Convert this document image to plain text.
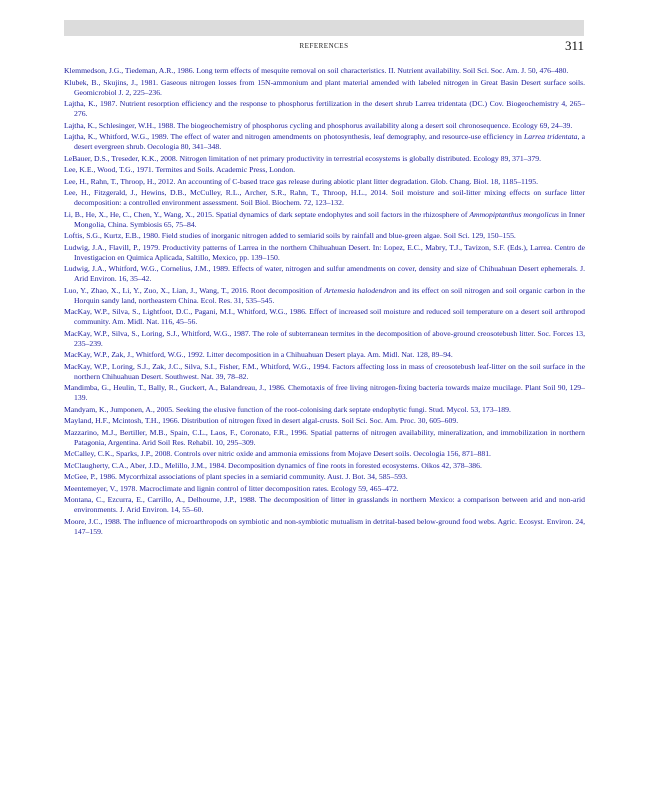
REFERENCES	311

Klemmedson, J.G., Tiedeman, A.R., 1986. Long term effects of mesquite removal on soil characteristics. II. Nutrient availability. Soil Sci. Soc. Am. J. 50, 476–480.

Klubek, B., Skujins, J., 1981. Gaseous nitrogen losses from 15N-ammonium and plant material amended with labeled nitrogen in Great Basin Desert surface soils. Geomicrobiol J. 2, 225–236.

Lajtha, K., 1987. Nutrient resorption efficiency and the response to phosphorus fertilization in the desert shrub Larrea tridentata (DC.) Cov. Biogeochemistry 4, 265–276.

Lajtha, K., Schlesinger, W.H., 1988. The biogeochemistry of phosphorus cycling and phosphorus availability along a desert soil chronosequence. Ecology 69, 24–39.

Lajtha, K., Whitford, W.G., 1989. The effect of water and nitrogen amendments on photosynthesis, leaf demography, and resource-use efficiency in Larrea tridentata, a desert evergreen shrub. Oecologia 80, 341–348.

LeBauer, D.S., Treseder, K.K., 2008. Nitrogen limitation of net primary productivity in terrestrial ecosystems is globally distributed. Ecology 89, 371–379.

Lee, K.E., Wood, T.G., 1971. Termites and Soils. Academic Press, London.

Lee, H., Rahn, T., Throop, H., 2012. An accounting of C-based trace gas release during abiotic plant litter degradation. Glob. Chang. Biol. 18, 1185–1195.

Lee, H., Fitzgerald, J., Hewins, D.B., McCulley, R.L., Archer, S.R., Rahn, T., Throop, H.L., 2014. Soil moisture and soil-litter mixing effects on surface litter decomposition: a controlled environment assessment. Soil Biol. Biochem. 72, 123–132.

Li, B., He, X., He, C., Chen, Y., Wang, X., 2015. Spatial dynamics of dark septate endophytes and soil factors in the rhizosphere of Ammopiptanthus mongolicus in Inner Mongolia, China. Symbiosis 65, 75–84.

Loftis, S.G., Kurtz, E.B., 1980. Field studies of inorganic nitrogen added to semiarid soils by rainfall and blue-green algae. Soil Sci. 129, 150–155.

Ludwig, J.A., Flavill, P., 1979. Productivity patterns of Larrea in the northern Chihuahuan Desert. In: Lopez, E.C., Mabry, T.J., Tavizon, S.F. (Eds.), Larrea. Centro de Investigacion en Quimica Aplicada, Saltillo, Mexico, pp. 139–150.

Ludwig, J.A., Whitford, W.G., Cornelius, J.M., 1989. Effects of water, nitrogen and sulfur amendments on cover, density and size of Chihuahuan Desert ephemerals. J. Arid Environ. 16, 35–42.

Luo, Y., Zhao, X., Li, Y., Zuo, X., Lian, J., Wang, T., 2016. Root decomposition of Artemesia halodendron and its effect on soil nitrogen and soil organic carbon in the Horquin sandy land, northeastern China. Ecol. Res. 31, 535–545.

MacKay, W.P., Silva, S., Lightfoot, D.C., Pagani, M.I., Whitford, W.G., 1986. Effect of increased soil moisture and reduced soil temperature on a desert soil arthropod community. Am. Midl. Nat. 116, 45–56.

MacKay, W.P., Silva, S., Loring, S.J., Whitford, W.G., 1987. The role of subterranean termites in the decomposition of above-ground creosotebush litter. Soc. Forces 13, 235–239.

MacKay, W.P., Zak, J., Whitford, W.G., 1992. Litter decomposition in a Chihuahuan Desert playa. Am. Midl. Nat. 128, 89–94.

MacKay, W.P., Loring, S.J., Zak, J.C., Silva, S.I., Fisher, F.M., Whitford, W.G., 1994. Factors affecting loss in mass of creosotebush leaf-litter on the soil surface in the northern Chihuahuan Desert. Southwest. Nat. 39, 78–82.

Mandimba, G., Heulin, T., Bally, R., Guckert, A., Balandreau, J., 1986. Chemotaxis of free living nitrogen-fixing bacteria towards maize mucilage. Plant Soil 90, 129–139.

Mandyam, K., Jumponen, A., 2005. Seeking the elusive function of the root-colonising dark septate endophytic fungi. Stud. Mycol. 53, 173–189.

Mayland, H.F., Mcintosh, T.H., 1966. Distribution of nitrogen fixed in desert algal-crusts. Soil Sci. Soc. Am. Proc. 30, 605–609.

Mazzarino, M.J., Bertiller, M.B., Spain, C.L., Laos, F., Coronato, F.R., 1996. Spatial patterns of nitrogen availability, mineralization, and immobilization in northern Patagonia, Argentina. Arid Soil Res. Rehabil. 10, 295–309.

McCalley, C.K., Sparks, J.P., 2008. Controls over nitric oxide and ammonia emissions from Mojave Desert soils. Oecologia 156, 871–881.

McClaugherty, C.A., Aber, J.D., Melillo, J.M., 1984. Decomposition dynamics of fine roots in forested ecosystems. Oikos 42, 378–386.

McGee, P., 1986. Mycorrhizal associations of plant species in a semiarid community. Aust. J. Bot. 34, 585–593.

Meentemeyer, V., 1978. Macroclimate and lignin control of litter decomposition rates. Ecology 59, 465–472.

Montana, C., Ezcurra, E., Carrillo, A., Delhoume, J.P., 1988. The decomposition of litter in grasslands in northern Mexico: a comparison between arid and non-arid environments. J. Arid Environ. 14, 55–60.

Moore, J.C., 1988. The influence of microarthropods on symbiotic and non-symbiotic mutualism in detrital-based below-ground food webs. Agric. Ecosyst. Environ. 24, 147–159.
